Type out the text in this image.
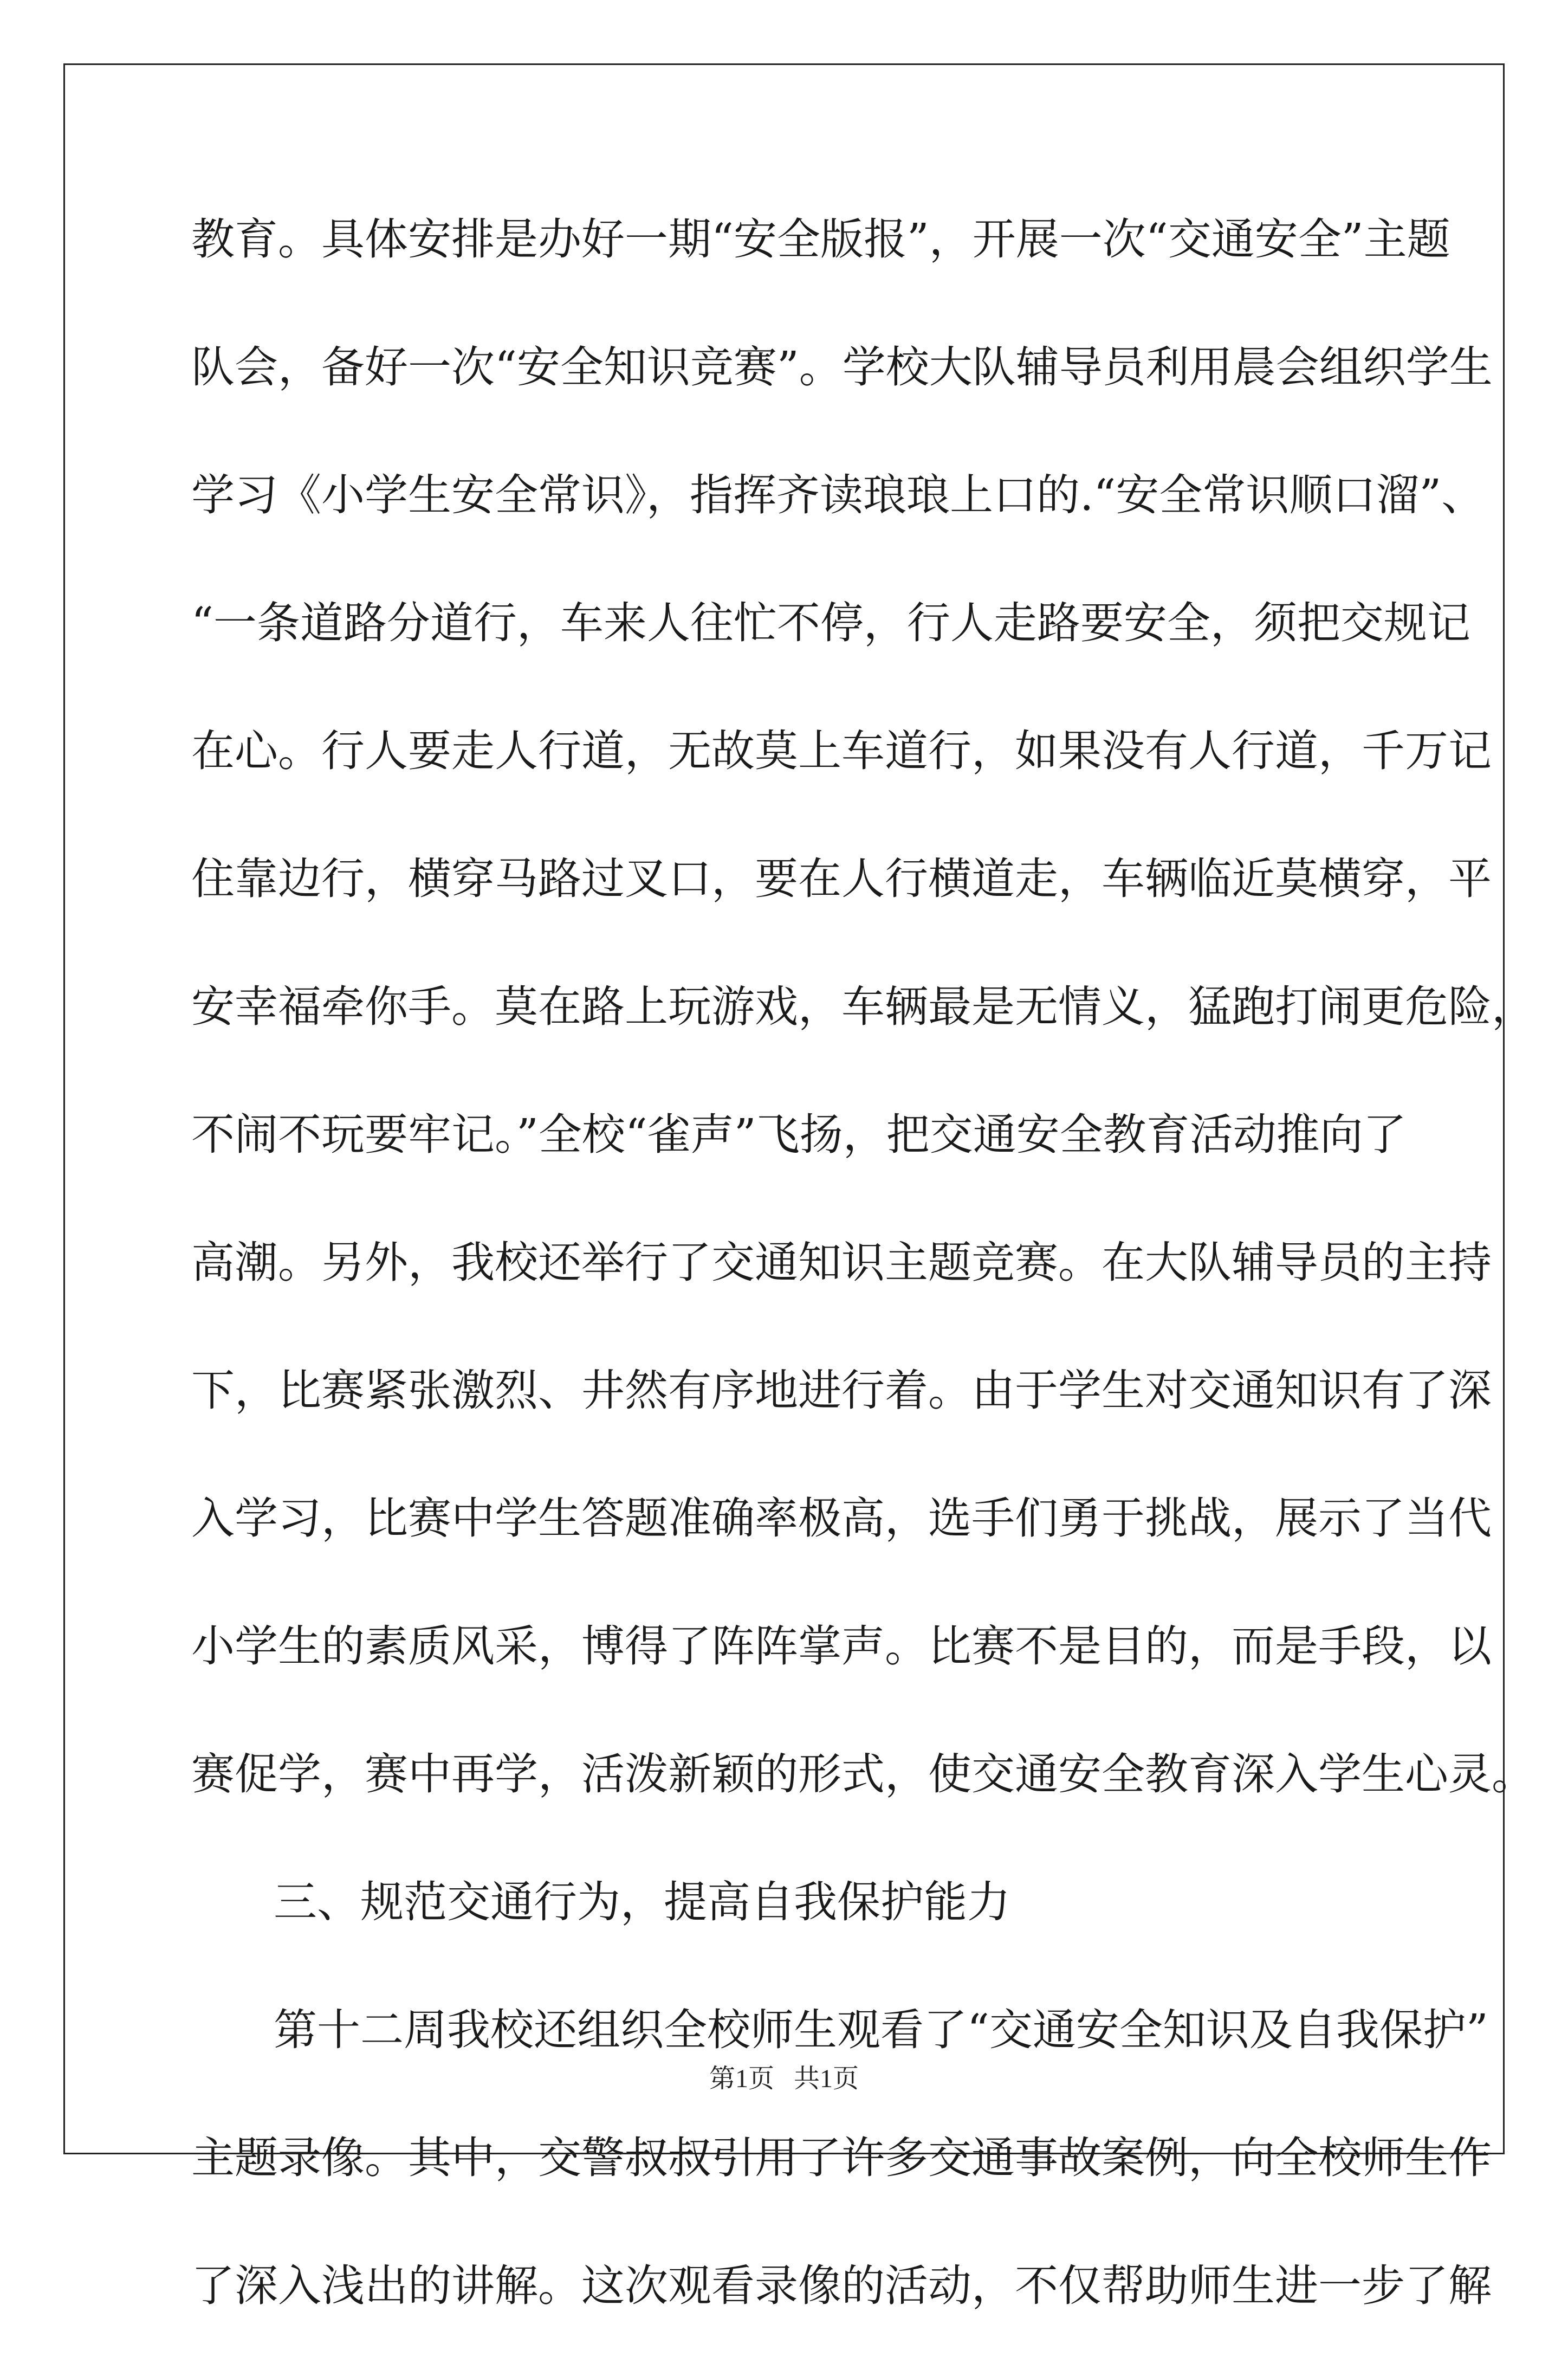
教育。具体安排是办好一期“安全版报”，开展一次“交通安全”主题
队会，备好一次“安全知识竞赛”。学校大队辅导员利用晨会组织学生
学习《小学生安全常识》，指挥齐读琅琅上口的.“安全常识顺口溜”、
“一条道路分道行，车来人往忙不停，行人走路要安全，须把交规记
在心。行人要走人行道，无故莫上车道行，如果没有人行道，千万记
住靠边行，横穿马路过叉口，要在人行横道走，车辆临近莫横穿，平
安幸福牵你手。莫在路上玩游戏，车辆最是无情义，猛跑打闹更危险，
不闹不玩要牢记。”全校“雀声”飞扬，把交通安全教育活动推向了
高潮。另外，我校还举行了交通知识主题竞赛。在大队辅导员的主持
下，比赛紧张激烈、井然有序地进行着。由于学生对交通知识有了深
入学习，比赛中学生答题准确率极高，选手们勇于挑战，展示了当代
小学生的素质风采，博得了阵阵掌声。比赛不是目的，而是手段，以
赛促学，赛中再学，活泼新颖的形式，使交通安全教育深入学生心灵。
三、规范交通行为，提高自我保护能力
第十二周我校还组织全校师生观看了“交通安全知识及自我保护”
主题录像。其中，交警叔叔引用了许多交通事故案例，向全校师生作
了深入浅出的讲解。这次观看录像的活动，不仅帮助师生进一步了解
第1页   共1页
